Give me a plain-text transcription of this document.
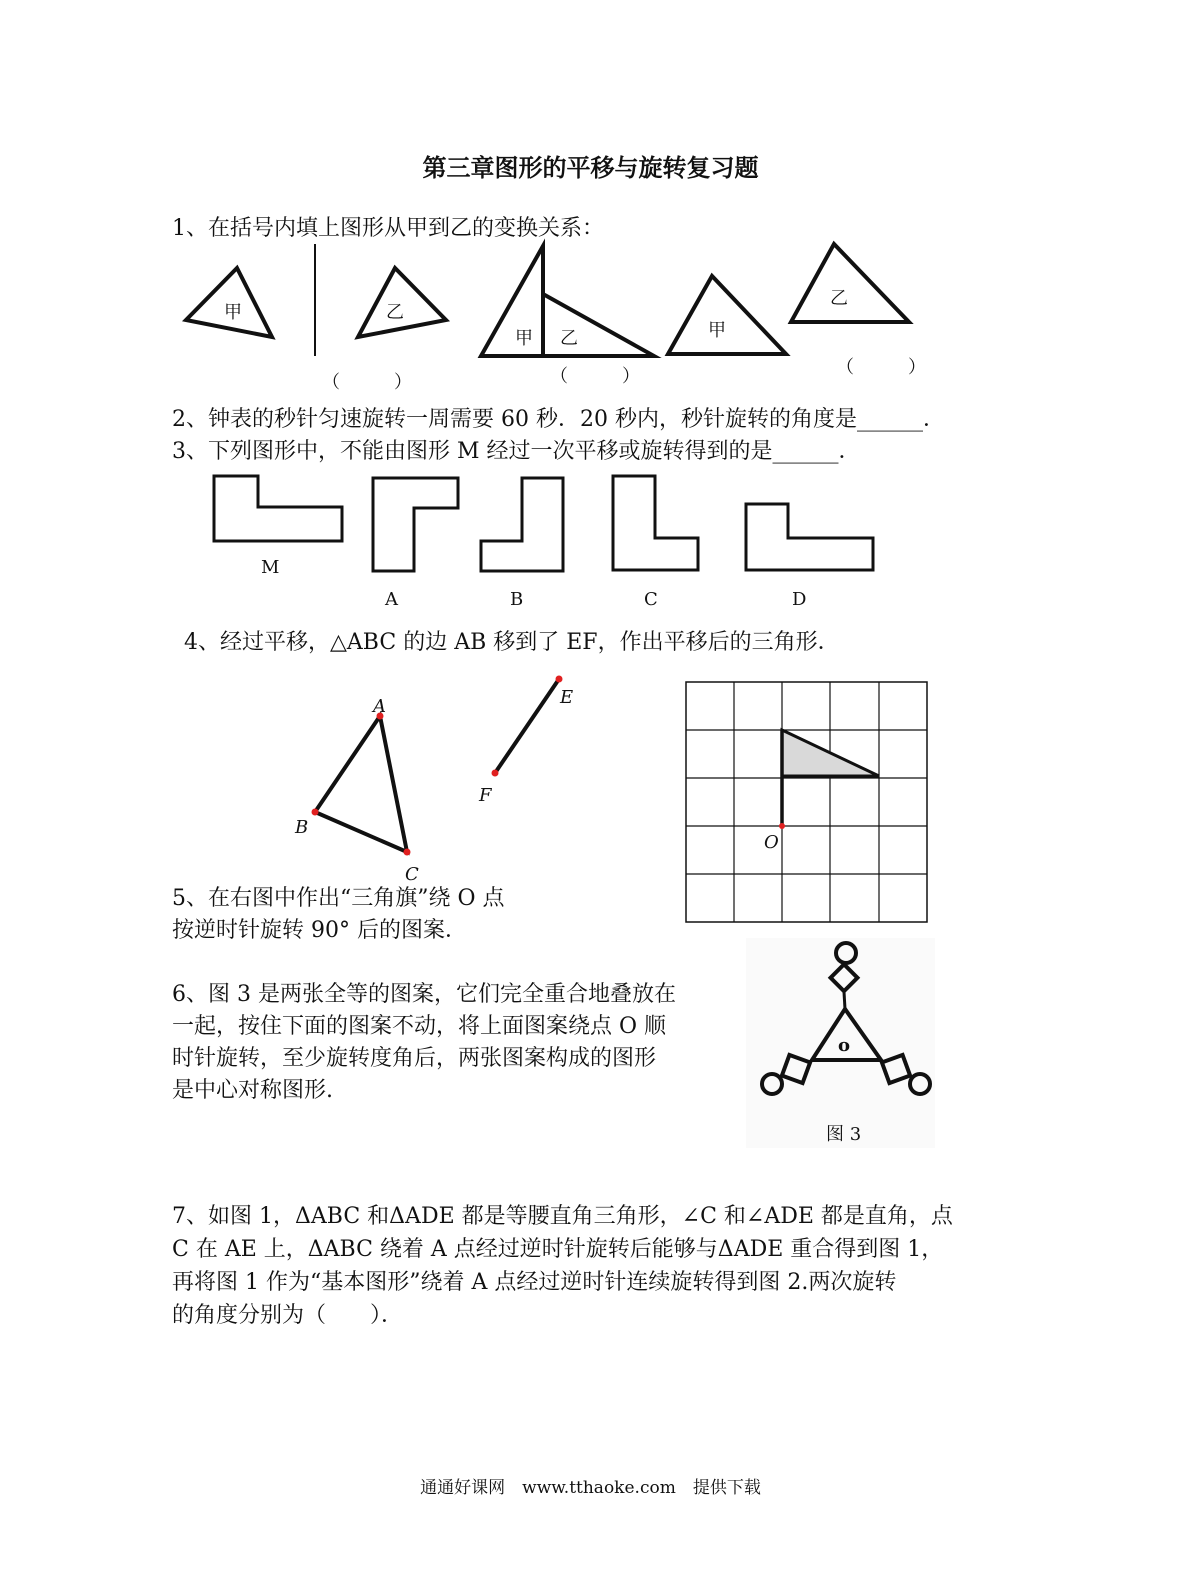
第三章图形的平移与旋转复习题
1、在括号内填上图形从甲到乙的变换关系：
甲	乙
甲 乙	甲
乙
（　　　）	（　　　）	（　　　）
M
A	B	C	D
A
B
C
E
F
O
o
图 3
2、钟表的秒针匀速旋转一周需要 60 秒．20 秒内，秒针旋转的角度是______．
3、下列图形中，不能由图形 M 经过一次平移或旋转得到的是______．
4、经过平移，△ABC 的边 AB 移到了 EF，作出平移后的三角形．
5、在右图中作出“三角旗”绕 O 点
按逆时针旋转 90° 后的图案．
6、图 3 是两张全等的图案，它们完全重合地叠放在
一起，按住下面的图案不动，将上面图案绕点 O 顺
时针旋转，至少旋转度角后，两张图案构成的图形
是中心对称图形.
7、如图 1，ΔABC 和ΔADE 都是等腰直角三角形，∠C 和∠ADE 都是直角，点
C 在 AE 上，ΔABC 绕着 A 点经过逆时针旋转后能够与ΔADE 重合得到图 1，
再将图 1 作为“基本图形”绕着 A 点经过逆时针连续旋转得到图 2.两次旋转
的角度分别为（　　）．
通通好课网　www.tthaoke.com　提供下载
